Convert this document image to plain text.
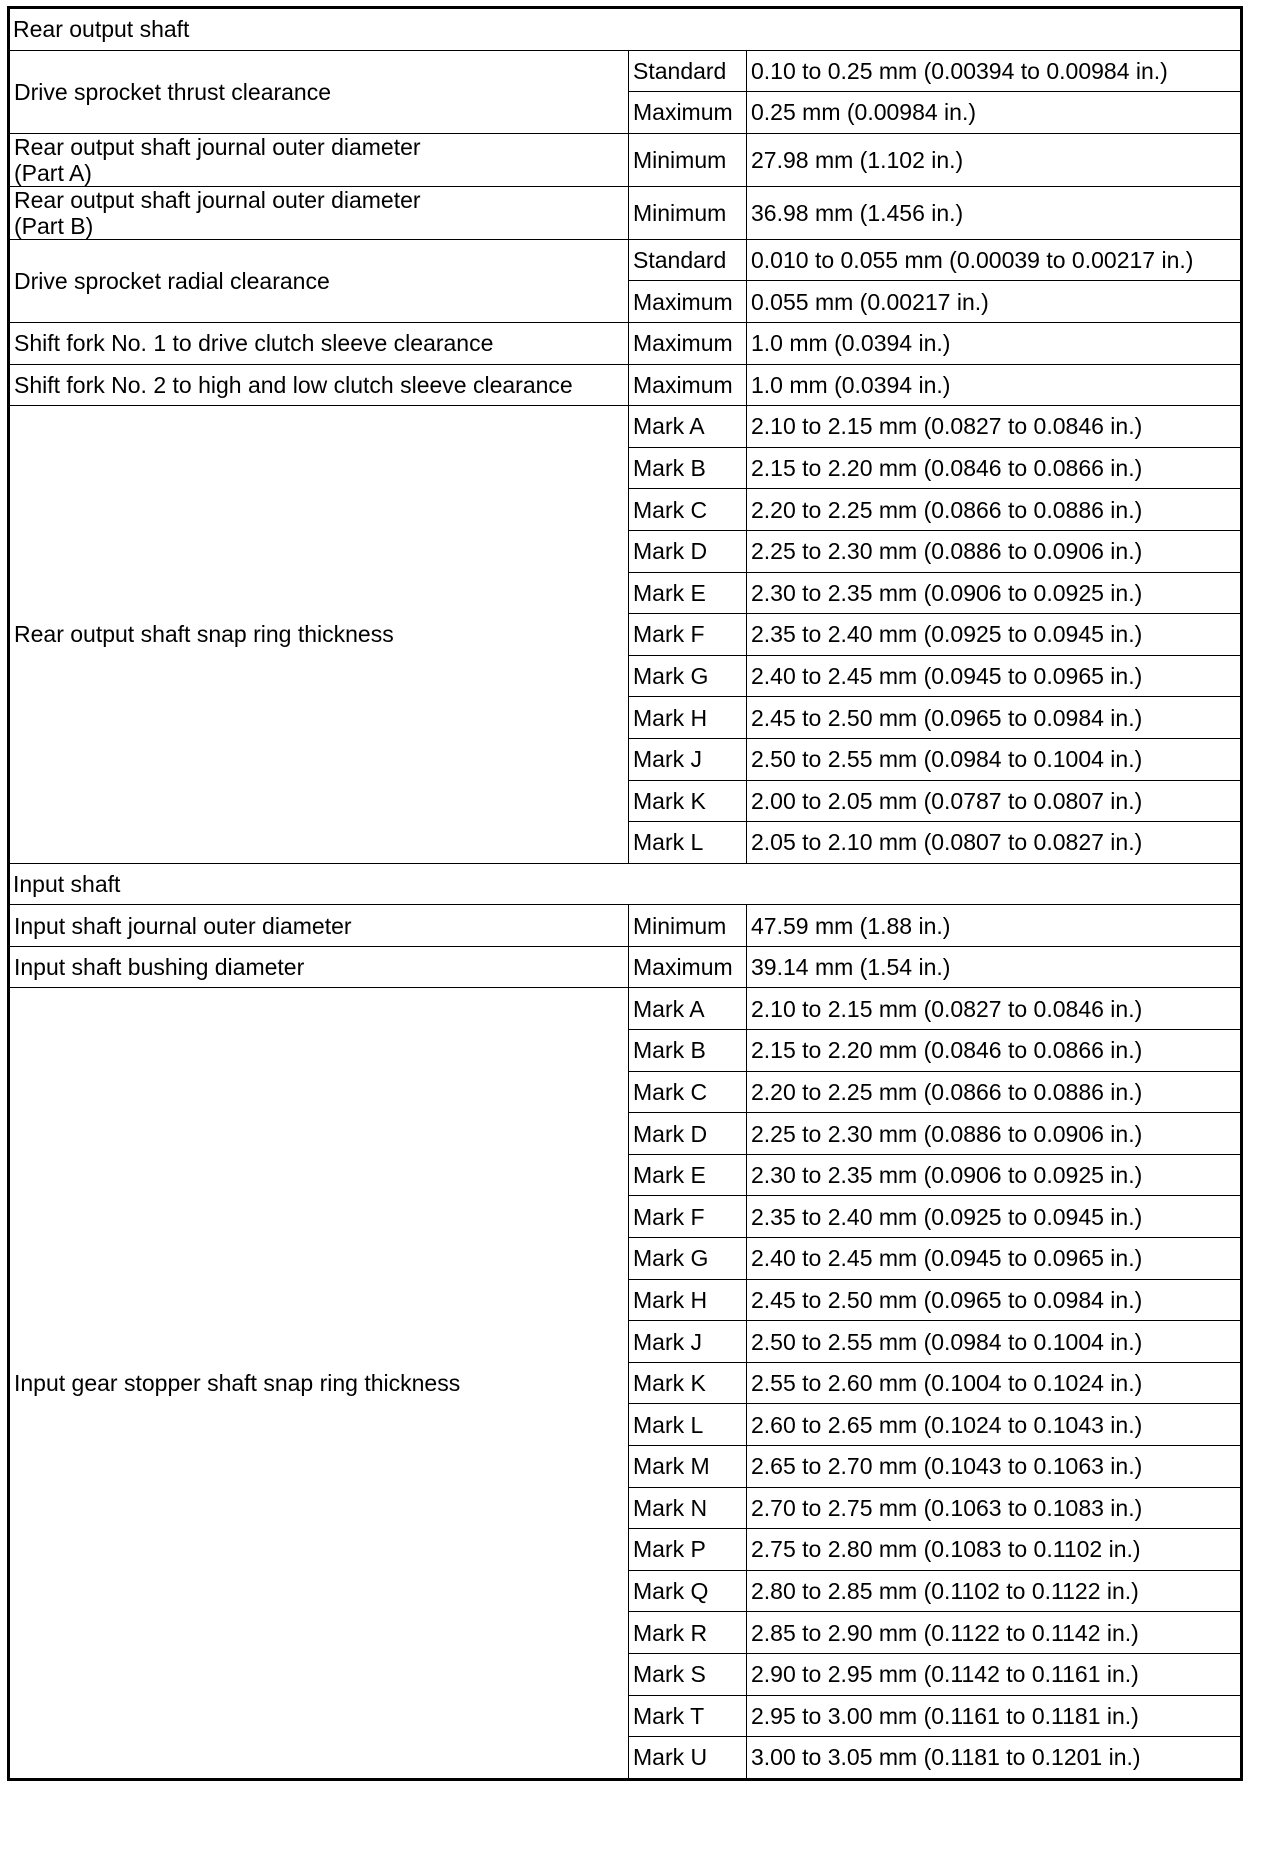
Rear output shaft		
Drive sprocket thrust clearance	Standard	0.10 to 0.25 mm (0.00394 to 0.00984 in.)
	Maximum	0.25 mm (0.00984 in.)
Rear output shaft journal outer diameter
(Part A)	Minimum	27.98 mm (1.102 in.)
Rear output shaft journal outer diameter
(Part B)	Minimum	36.98 mm (1.456 in.)
Drive sprocket radial clearance	Standard	0.010 to 0.055 mm (0.00039 to 0.00217 in.)
	Maximum	0.055 mm (0.00217 in.)
Shift fork No. 1 to drive clutch sleeve clearance	Maximum	1.0 mm (0.0394 in.)
Shift fork No. 2 to high and low clutch sleeve clearance	Maximum	1.0 mm (0.0394 in.)
Rear output shaft snap ring thickness	Mark A	2.10 to 2.15 mm (0.0827 to 0.0846 in.)
	Mark B	2.15 to 2.20 mm (0.0846 to 0.0866 in.)
	Mark C	2.20 to 2.25 mm (0.0866 to 0.0886 in.)
	Mark D	2.25 to 2.30 mm (0.0886 to 0.0906 in.)
	Mark E	2.30 to 2.35 mm (0.0906 to 0.0925 in.)
	Mark F	2.35 to 2.40 mm (0.0925 to 0.0945 in.)
	Mark G	2.40 to 2.45 mm (0.0945 to 0.0965 in.)
	Mark H	2.45 to 2.50 mm (0.0965 to 0.0984 in.)
	Mark J	2.50 to 2.55 mm (0.0984 to 0.1004 in.)
	Mark K	2.00 to 2.05 mm (0.0787 to 0.0807 in.)
	Mark L	2.05 to 2.10 mm (0.0807 to 0.0827 in.)
Input shaft		
Input shaft journal outer diameter	Minimum	47.59 mm (1.88 in.)
Input shaft bushing diameter	Maximum	39.14 mm (1.54 in.)
Input gear stopper shaft snap ring thickness	Mark A	2.10 to 2.15 mm (0.0827 to 0.0846 in.)
	Mark B	2.15 to 2.20 mm (0.0846 to 0.0866 in.)
	Mark C	2.20 to 2.25 mm (0.0866 to 0.0886 in.)
	Mark D	2.25 to 2.30 mm (0.0886 to 0.0906 in.)
	Mark E	2.30 to 2.35 mm (0.0906 to 0.0925 in.)
	Mark F	2.35 to 2.40 mm (0.0925 to 0.0945 in.)
	Mark G	2.40 to 2.45 mm (0.0945 to 0.0965 in.)
	Mark H	2.45 to 2.50 mm (0.0965 to 0.0984 in.)
	Mark J	2.50 to 2.55 mm (0.0984 to 0.1004 in.)
	Mark K	2.55 to 2.60 mm (0.1004 to 0.1024 in.)
	Mark L	2.60 to 2.65 mm (0.1024 to 0.1043 in.)
	Mark M	2.65 to 2.70 mm (0.1043 to 0.1063 in.)
	Mark N	2.70 to 2.75 mm (0.1063 to 0.1083 in.)
	Mark P	2.75 to 2.80 mm (0.1083 to 0.1102 in.)
	Mark Q	2.80 to 2.85 mm (0.1102 to 0.1122 in.)
	Mark R	2.85 to 2.90 mm (0.1122 to 0.1142 in.)
	Mark S	2.90 to 2.95 mm (0.1142 to 0.1161 in.)
	Mark T	2.95 to 3.00 mm (0.1161 to 0.1181 in.)
	Mark U	3.00 to 3.05 mm (0.1181 to 0.1201 in.)
